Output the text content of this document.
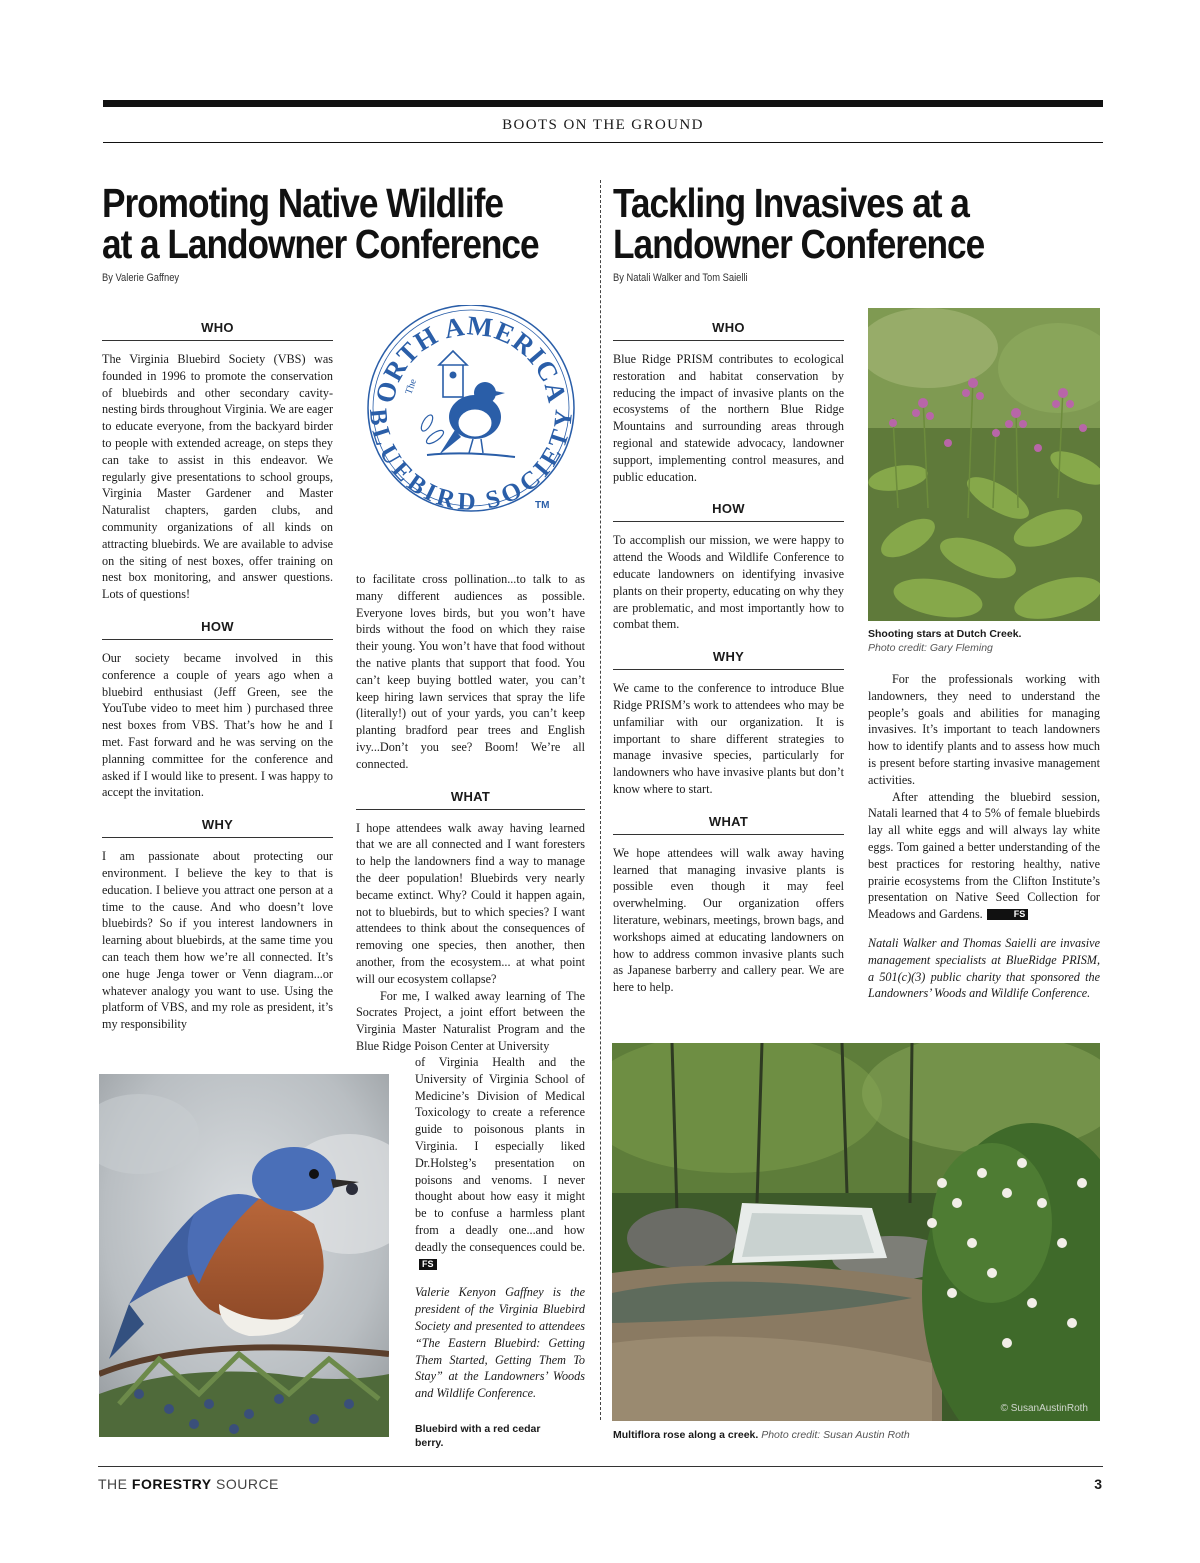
BOOTS ON THE GROUND
Promoting Native Wildlife
at a Landowner Conference
By Valerie Gaffney
WHO

The Virginia Bluebird Society (VBS) was founded in 1996 to promote the conservation of bluebirds and other secondary cavity-nesting birds throughout Virginia. We are eager to educate everyone, from the backyard birder to people with extended acreage, on steps they can take to assist in this endeavor. We regularly give presentations to school groups, Virginia Master Gardener and Master Naturalist chapters, garden clubs, and community organizations of all kinds on attracting bluebirds. We are available to advise on the siting of nest boxes, offer training on nest box monitoring, and answer questions. Lots of questions!

HOW

Our society became involved in this conference a couple of years ago when a bluebird enthusiast (Jeff Green, see the YouTube video to meet him ) purchased three nest boxes from VBS. That’s how he and I met. Fast forward and he was serving on the planning committee for the conference and asked if I would like to present. I was happy to accept the invitation.

WHY

I am passionate about protecting our environment. I believe the key to that is education. I believe you attract one person at a time to the cause. And who doesn’t love bluebirds? So if you interest landowners in learning about bluebirds, at the same time you can teach them how we’re all connected. It’s one huge Jenga tower or Venn diagram...or whatever analogy you want to use. Using the platform of VBS, and my role as president, it’s my responsibility

ORTH AMERICA
BLUEBIRD SOCIETY
The
TM

to facilitate cross pollination...to talk to as many different audiences as possible. Everyone loves birds, but you won’t have birds without the food on which they raise their young. You won’t have that food without the native plants that support that food. You can’t keep buying bottled water, you can’t keep hiring lawn services that spray the life (literally!) out of your yards, you can’t keep planting bradford pear trees and English ivy...Don’t you see? Boom! We’re all connected.

WHAT

I hope attendees walk away having learned that we are all connected and I want foresters to help the landowners find a way to manage the deer population! Bluebirds very nearly became extinct. Why? Could it happen again, not to bluebirds, but to which species? I want attendees to think about the consequences of removing one species, then another, then another, from the ecosystem... at what point will our ecosystem collapse?

For me, I walked away learning of The Socrates Project, a joint effort between the Virginia Master Naturalist Program and the Blue Ridge Poison Center at University

of Virginia Health and the University of Virginia School of Medicine’s Division of Medical Toxicology to create a reference guide to poisonous plants in Virginia. I especially liked Dr.Holsteg’s presentation on poisons and venoms. I never thought about how easy it might be to confuse a harmless plant from a deadly one...and how deadly the consequences could be.FS

Valerie Kenyon Gaffney is the president of the Virginia Bluebird Society and presented to attendees “The Eastern Bluebird: Getting Them Started, Getting Them To Stay” at the Landowners’ Woods and Wildlife Conference.

Bluebird with a red cedar berry.
Tackling Invasives at a
Landowner Conference
By Natali Walker and Tom Saielli
WHO

Blue Ridge PRISM contributes to ecological restoration and habitat conservation by reducing the impact of invasive plants on the ecosystems of the northern Blue Ridge Mountains and surrounding areas through regional and statewide advocacy, landowner support, implementing control measures, and public education.

HOW

To accomplish our mission, we were happy to attend the Woods and Wildlife Conference to educate landowners on identifying invasive plants on their property, educating on why they are problematic, and most importantly how to combat them.

WHY

We came to the conference to introduce Blue Ridge PRISM’s work to attendees who may be unfamiliar with our organization. It is important to share different strategies to manage invasive species, particularly for landowners who have invasive plants but don’t know where to start.

WHAT

We hope attendees will walk away having learned that managing invasive plants is possible even though it may feel overwhelming. Our organization offers literature, webinars, meetings, brown bags, and workshops aimed at educating landowners on how to address common invasive plants such as Japanese barberry and callery pear. We are here to help.

Shooting stars at Dutch Creek.
Photo credit: Gary Fleming

For the professionals working with landowners, they need to understand the people’s goals and abilities for managing invasives. It’s important to teach landowners how to identify plants and to assess how much is present before starting invasive management activities.

After attending the bluebird session, Natali learned that 4 to 5% of female bluebirds lay all white eggs and will always lay white eggs. Tom gained a better understanding of the best practices for restoring healthy, native prairie ecosystems from the Clifton Institute’s presentation on Native Seed Collection for Meadows and Gardens.	FS

Natali Walker and Thomas Saielli are invasive management specialists at BlueRidge PRISM, a 501(c)(3) public charity that sponsored the Landowners’ Woods and Wildlife Conference.

© SusanAustinRoth
Multiflora rose along a creek. Photo credit: Susan Austin Roth
THE FORESTRY SOURCE	3
